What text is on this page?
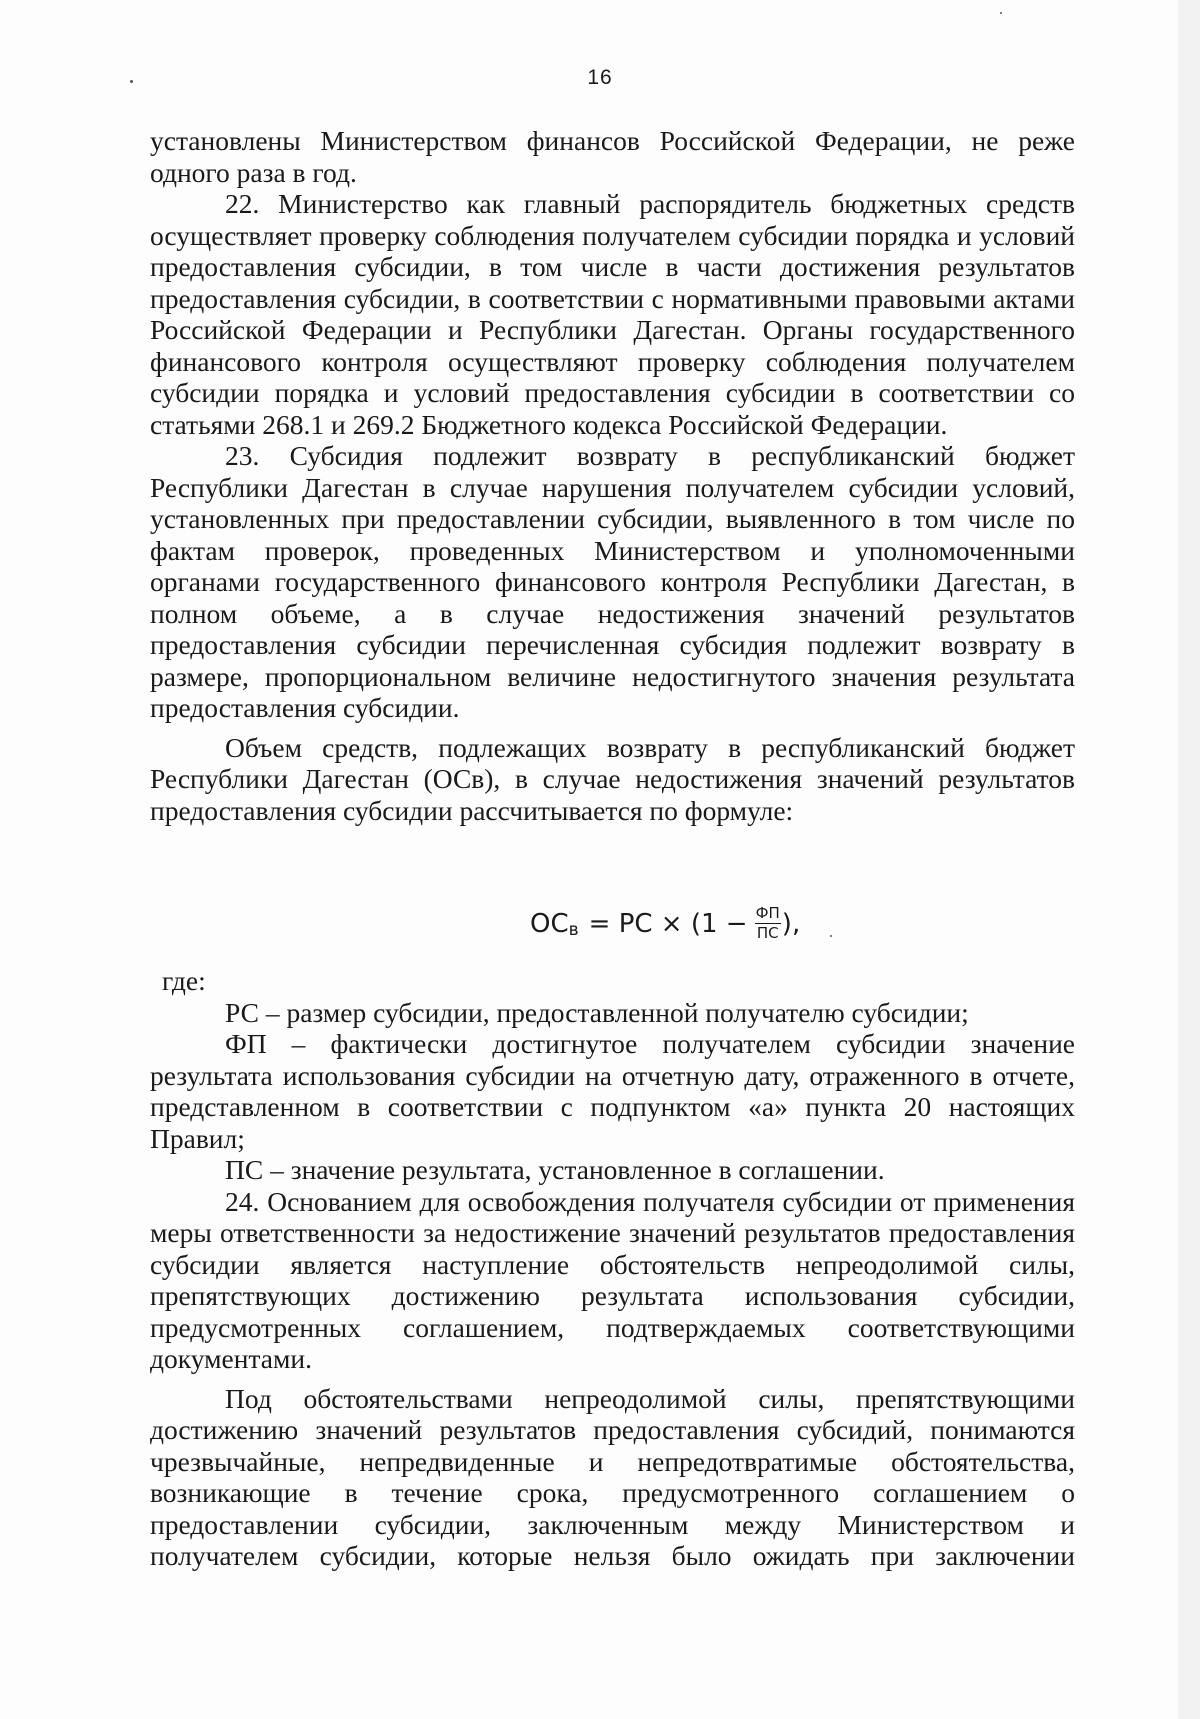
16

установлены Министерством финансов Российской Федерации, не реже одного раза в год.

22. Министерство как главный распорядитель бюджетных средств осуществляет проверку соблюдения получателем субсидии порядка и условий предоставления субсидии, в том числе в части достижения результатов предоставления субсидии, в соответствии с нормативными правовыми актами Российской Федерации и Республики Дагестан. Органы государственного финансового контроля осуществляют проверку соблюдения получателем субсидии порядка и условий предоставления субсидии в соответствии со статьями 268.1 и 269.2 Бюджетного кодекса Российской Федерации.

23. Субсидия подлежит возврату в республиканский бюджет Республики Дагестан в случае нарушения получателем субсидии условий, установленных при предоставлении субсидии, выявленного в том числе по фактам проверок, проведенных Министерством и уполномоченными органами государственного финансового контроля Республики Дагестан, в полном объеме, а в случае недостижения значений результатов предоставления субсидии перечисленная субсидия подлежит возврату в размере, пропорциональном величине недостигнутого значения результата предоставления субсидии.

Объем средств, подлежащих возврату в республиканский бюджет Республики Дагестан (ОСв), в случае недостижения значений результатов предоставления субсидии рассчитывается по формуле:

ОС в = РС × ($1 - \frac{ФП}{ПС}$ ),

где:

РС – размер субсидии, предоставленной получателю субсидии;

ФП – фактически достигнутое получателем субсидии значение результата использования субсидии на отчетную дату, отраженного в отчете, представленном в соответствии с подпунктом «а» пункта 20 настоящих Правил;

ПС – значение результата, установленное в соглашении.

24. Основанием для освобождения получателя субсидии от применения меры ответственности за недостижение значений результатов предоставления субсидии является наступление обстоятельств непреодолимой силы, препятствующих достижению результата использования субсидии, предусмотренных соглашением, подтверждаемых соответствующими документами.

Под обстоятельствами непреодолимой силы, препятствующими достижению значений результатов предоставления субсидий, понимаются чрезвычайные, непредвиденные и непредотвратимые обстоятельства, возникающие в течение срока, предусмотренного соглашением о предоставлении субсидии, заключенным между Министерством и получателем субсидии, которые нельзя было ожидать при заключении
